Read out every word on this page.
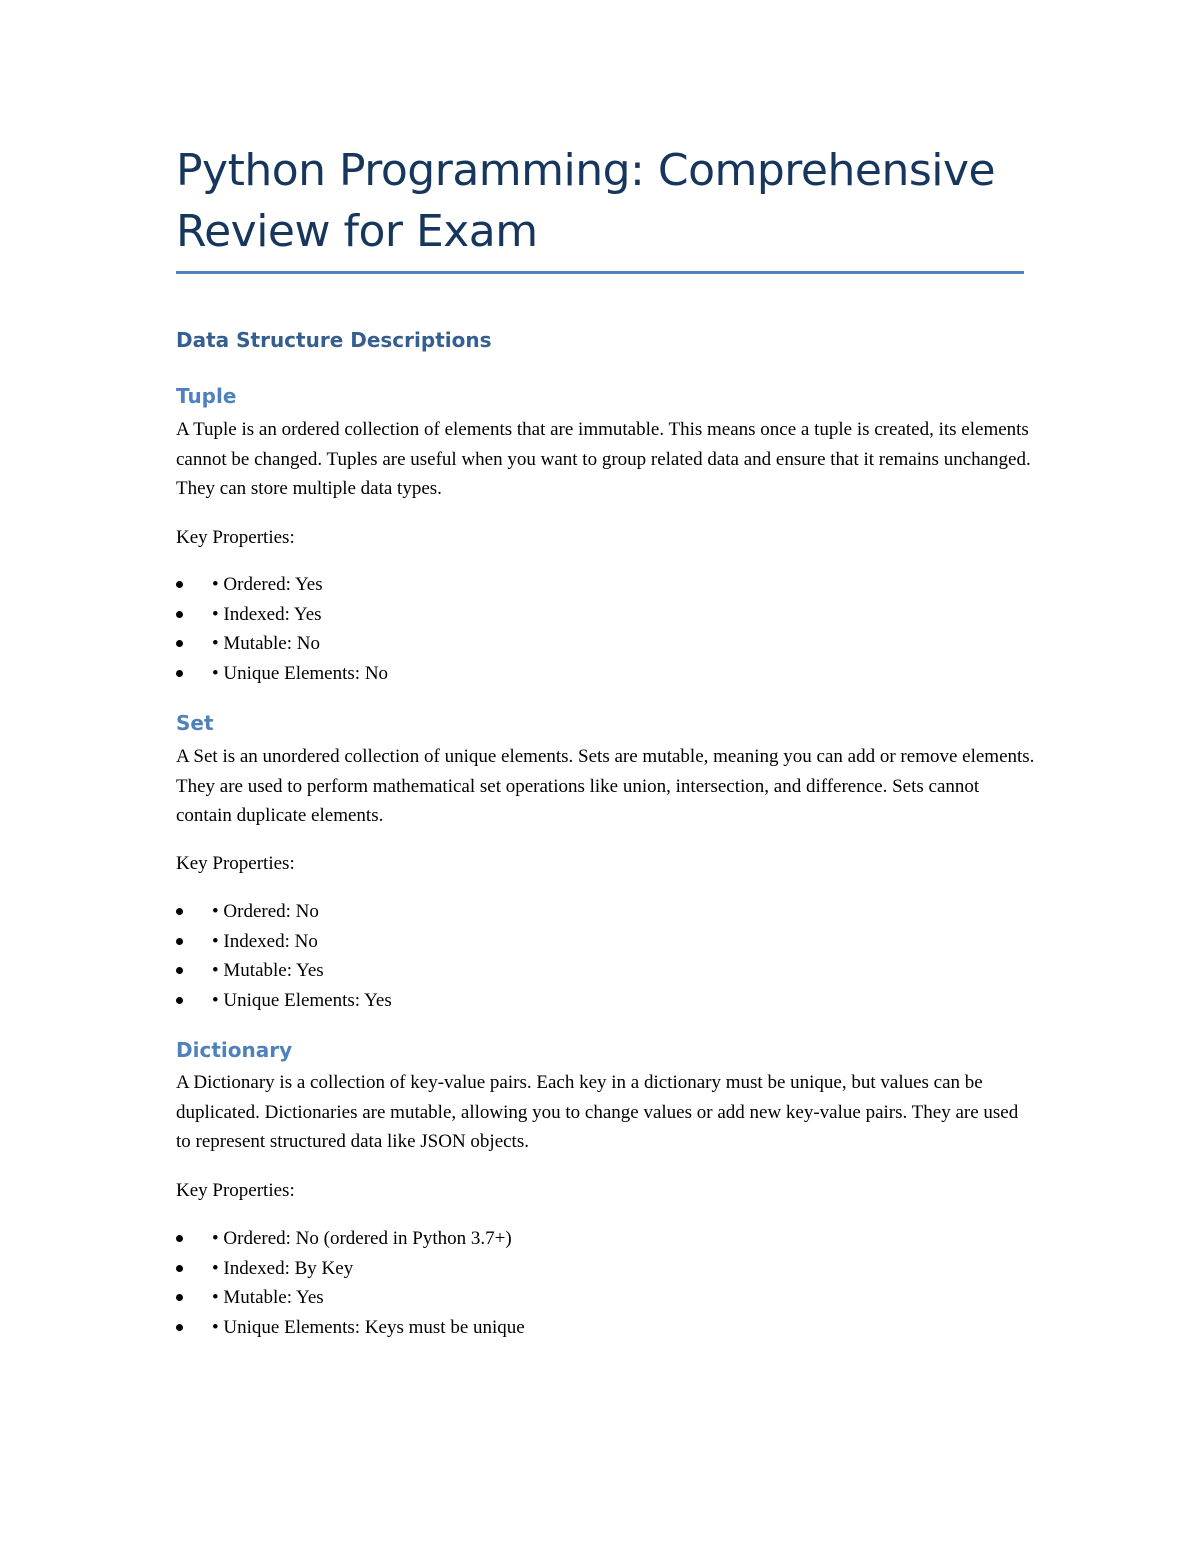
Python Programming: Comprehensive Review for Exam
Data Structure Descriptions
Tuple

A Tuple is an ordered collection of elements that are immutable. This means once a tuple is created, its elements cannot be changed. Tuples are useful when you want to group related data and ensure that it remains unchanged. They can store multiple data types.

Key Properties:

• Ordered: Yes
• Indexed: Yes
• Mutable: No
• Unique Elements: No
Set

A Set is an unordered collection of unique elements. Sets are mutable, meaning you can add or remove elements. They are used to perform mathematical set operations like union, intersection, and difference. Sets cannot contain duplicate elements.

Key Properties:

• Ordered: No
• Indexed: No
• Mutable: Yes
• Unique Elements: Yes
Dictionary

A Dictionary is a collection of key-value pairs. Each key in a dictionary must be unique, but values can be duplicated. Dictionaries are mutable, allowing you to change values or add new key-value pairs. They are used to represent structured data like JSON objects.

Key Properties:

• Ordered: No (ordered in Python 3.7+)
• Indexed: By Key
• Mutable: Yes
• Unique Elements: Keys must be unique
